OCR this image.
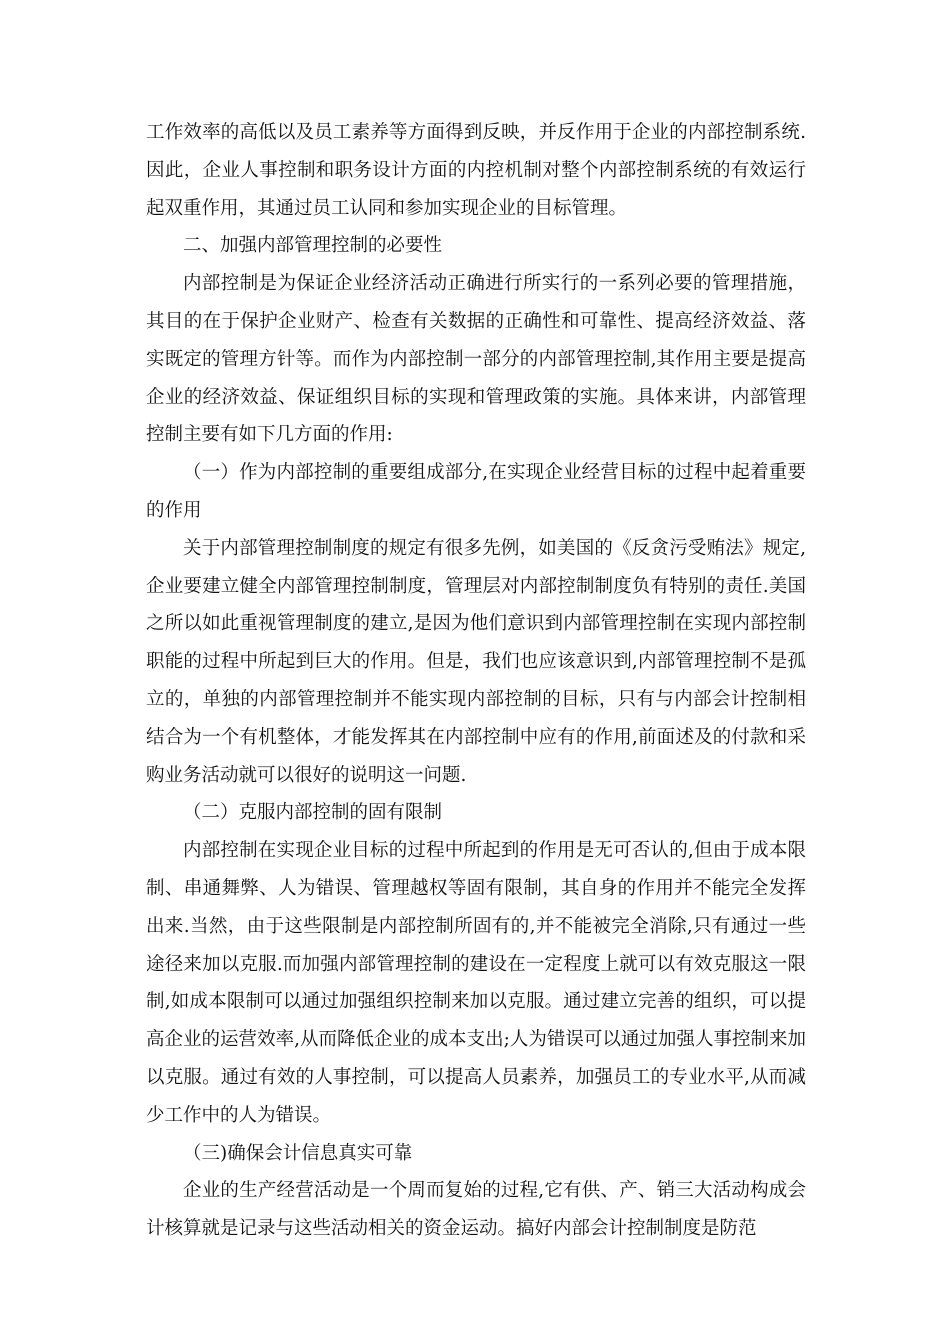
工作效率的高低以及员工素养等方面得到反映，并反作用于企业的内部控制系统.因此，企业人事控制和职务设计方面的内控机制对整个内部控制系统的有效运行起双重作用，其通过员工认同和参加实现企业的目标管理。

二、加强内部管理控制的必要性

内部控制是为保证企业经济活动正确进行所实行的一系列必要的管理措施，其目的在于保护企业财产、检查有关数据的正确性和可靠性、提高经济效益、落实既定的管理方针等。而作为内部控制一部分的内部管理控制,其作用主要是提高企业的经济效益、保证组织目标的实现和管理政策的实施。具体来讲，内部管理控制主要有如下几方面的作用:

（一）作为内部控制的重要组成部分,在实现企业经营目标的过程中起着重要的作用

关于内部管理控制制度的规定有很多先例，如美国的《反贪污受贿法》规定,企业要建立健全内部管理控制制度，管理层对内部控制制度负有特别的责任.美国之所以如此重视管理制度的建立,是因为他们意识到内部管理控制在实现内部控制职能的过程中所起到巨大的作用。但是，我们也应该意识到,内部管理控制不是孤立的，单独的内部管理控制并不能实现内部控制的目标，只有与内部会计控制相结合为一个有机整体，才能发挥其在内部控制中应有的作用,前面述及的付款和采购业务活动就可以很好的说明这一问题.

（二）克服内部控制的固有限制

内部控制在实现企业目标的过程中所起到的作用是无可否认的,但由于成本限制、串通舞弊、人为错误、管理越权等固有限制，其自身的作用并不能完全发挥出来.当然，由于这些限制是内部控制所固有的,并不能被完全消除,只有通过一些途径来加以克服.而加强内部管理控制的建设在一定程度上就可以有效克服这一限制,如成本限制可以通过加强组织控制来加以克服。通过建立完善的组织，可以提高企业的运营效率,从而降低企业的成本支出;人为错误可以通过加强人事控制来加以克服。通过有效的人事控制，可以提高人员素养，加强员工的专业水平,从而减少工作中的人为错误。

（三)确保会计信息真实可靠

企业的生产经营活动是一个周而复始的过程,它有供、产、销三大活动构成会计核算就是记录与这些活动相关的资金运动。搞好内部会计控制制度是防范
